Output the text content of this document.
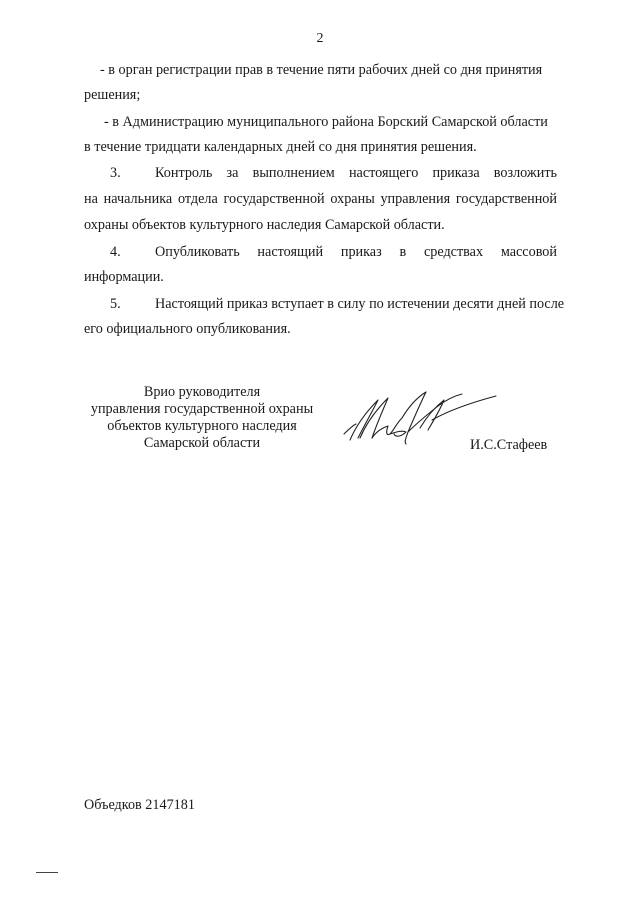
2
- в орган регистрации прав в течение пяти рабочих дней со дня принятия
решения;
- в Администрацию муниципального района Борский Самарской области
в течение тридцати календарных дней со дня принятия решения.
3. Контроль за выполнением настоящего приказа возложить
на начальника отдела государственной охраны управления государственной
охраны объектов культурного наследия Самарской области.
4. Опубликовать настоящий приказ в средствах массовой
информации.
5. Настоящий приказ вступает в силу по истечении десяти дней после
его официального опубликования.
Врио руководителя
управления государственной охраны
объектов культурного наследия
Самарской области	И.С.Стафеев
Объедков 2147181
